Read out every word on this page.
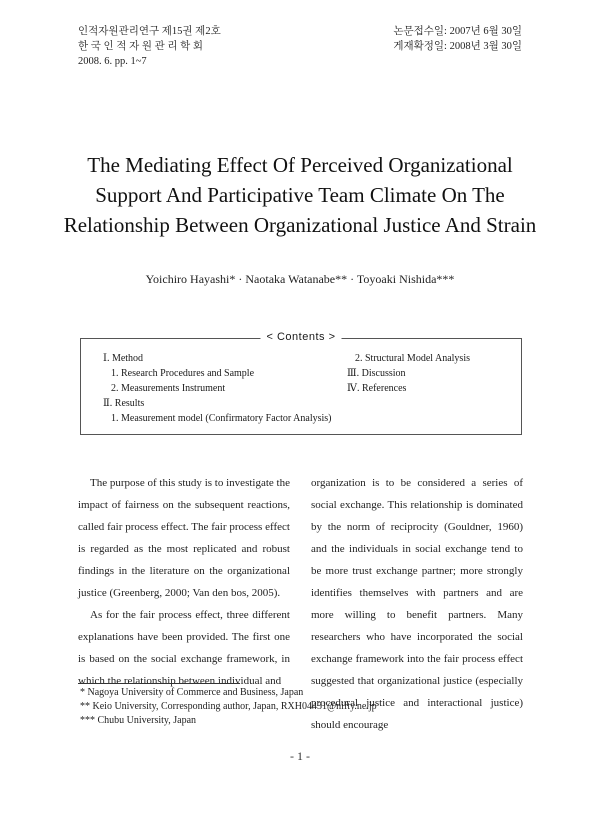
인적자원관리연구 제15권 제2호
한 국 인 적 자 원 관 리 학 회
2008. 6. pp. 1~7
논문접수일: 2007년 6월 30일
게재확정일: 2008년 3월 30일
The Mediating Effect Of Perceived Organizational
Support And Participative Team Climate On The
Relationship Between Organizational Justice And Strain
Yoichiro Hayashi* · Naotaka Watanabe** · Toyoaki Nishida***
< Contents >
Ⅰ. Method
1. Research Procedures and Sample
2. Measurements Instrument
Ⅱ. Results
1. Measurement model (Confirmatory Factor Analysis)
2. Structural Model Analysis
Ⅲ. Discussion
Ⅳ. References

The purpose of this study is to investigate the impact of fairness on the subsequent reactions, called fair process effect. The fair process effect is regarded as the most replicated and robust findings in the literature on the organizational justice (Greenberg, 2000; Van den bos, 2005).

As for the fair process effect, three different explanations have been provided. The first one is based on the social exchange framework, in which the relationship between individual and

organization is to be considered a series of social exchange. This relationship is dominated by the norm of reciprocity (Gouldner, 1960) and the individuals in social exchange tend to be more trust exchange partner; more strongly identifies themselves with partners and are more willing to benefit partners. Many researchers who have incorporated the social exchange framework into the fair process effect suggested that organizational justice (especially procedural justice and interactional justice) should encourage

* Nagoya University of Commerce and Business, Japan
** Keio University, Corresponding author, Japan, RXH04431@nifty.ne.jp
*** Chubu University, Japan
- 1 -
